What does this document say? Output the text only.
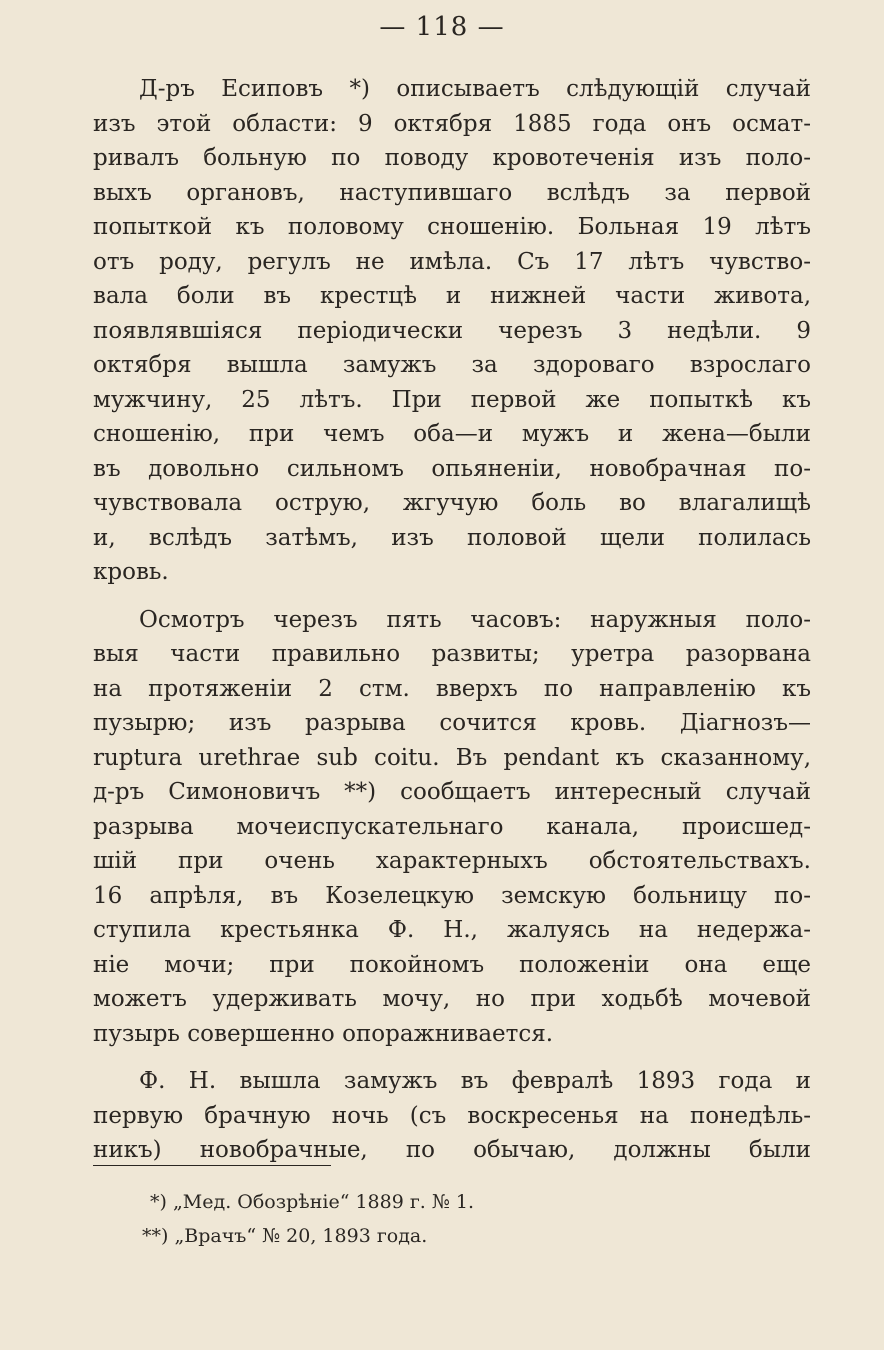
— 118 —
Д-ръ Есиповъ *) описываетъ слѣдующій случай
изъ этой области: 9 октября 1885 года онъ осмат-
ривалъ больную по поводу кровотеченія изъ поло-
выхъ органовъ, наступившаго вслѣдъ за первой
попыткой къ половому сношенію. Больная 19 лѣтъ
отъ роду, регулъ не имѣла. Съ 17 лѣтъ чувство-
вала боли въ крестцѣ и нижней части живота,
появлявшіяся періодически черезъ 3 недѣли. 9
октября вышла замужъ за здороваго взрослаго
мужчину, 25 лѣтъ. При первой же попыткѣ къ
сношенію, при чемъ оба—и мужъ и жена—были
въ довольно сильномъ опьяненіи, новобрачная по-
чувствовала острую, жгучую боль во влагалищѣ
и, вслѣдъ затѣмъ, изъ половой щели полилась
кровь.
Осмотръ черезъ пять часовъ: наружныя поло-
выя части правильно развиты; уретра разорвана
на протяженіи 2 стм. вверхъ по направленію къ
пузырю; изъ разрыва сочится кровь. Діагнозъ—
ruptura urethrae sub coitu. Въ pendant къ сказанному,
д-ръ Симоновичъ **) сообщаетъ интересный случай
разрыва мочеиспускательнаго канала, происшед-
шій при очень характерныхъ обстоятельствахъ.
16 апрѣля, въ Козелецкую земскую больницу по-
ступила крестьянка Ф. Н., жалуясь на недержа-
ніе мочи; при покойномъ положеніи она еще
можетъ удерживать мочу, но при ходьбѣ мочевой
пузырь совершенно опоражнивается.
Ф. Н. вышла замужъ въ февралѣ 1893 года и
первую брачную ночь (съ воскресенья на понедѣль-
никъ) новобрачные, по обычаю, должны были
*) „Мед. Обозрѣніе“ 1889 г. № 1.
**) „Врачъ“ № 20, 1893 года.
